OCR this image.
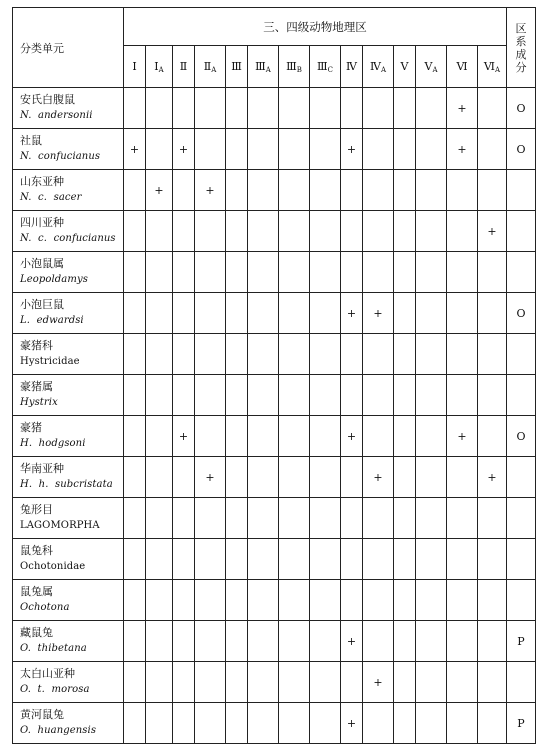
分类单元	三、四级动物地理区														区
系
成
分
	Ⅰ	$Ⅰ_A$	Ⅱ	$Ⅱ_A$	Ⅲ	$Ⅲ_A$	$Ⅲ_B$	$Ⅲ_C$	Ⅳ	$Ⅳ_A$	Ⅴ	$Ⅴ_A$	Ⅵ	$Ⅵ_A$

安氏白腹鼠
N.  andersonii													+		O

社鼠
N.  confucianus	+		+						+				+		O

山东亚种
N.  c.  sacer		+		+											

四川亚种
N.  c.  confucianus														+	

小泡鼠属
Leopoldamys															

小泡巨鼠
L.  edwardsi									+	+					O

豪猪科
Hystricidae															

豪猪属
Hystrix															

豪猪
H.  hodgsoni			+						+				+		O

华南亚种
H.  h.  subcristata				+						+				+	

兔形目
LAGOMORPHA															

鼠兔科
Ochotonidae															

鼠兔属
Ochotona															

藏鼠兔
O.  thibetana									+						P

太白山亚种
O.  t.  morosa										+					

黄河鼠兔
O.  huangensis									+						P
